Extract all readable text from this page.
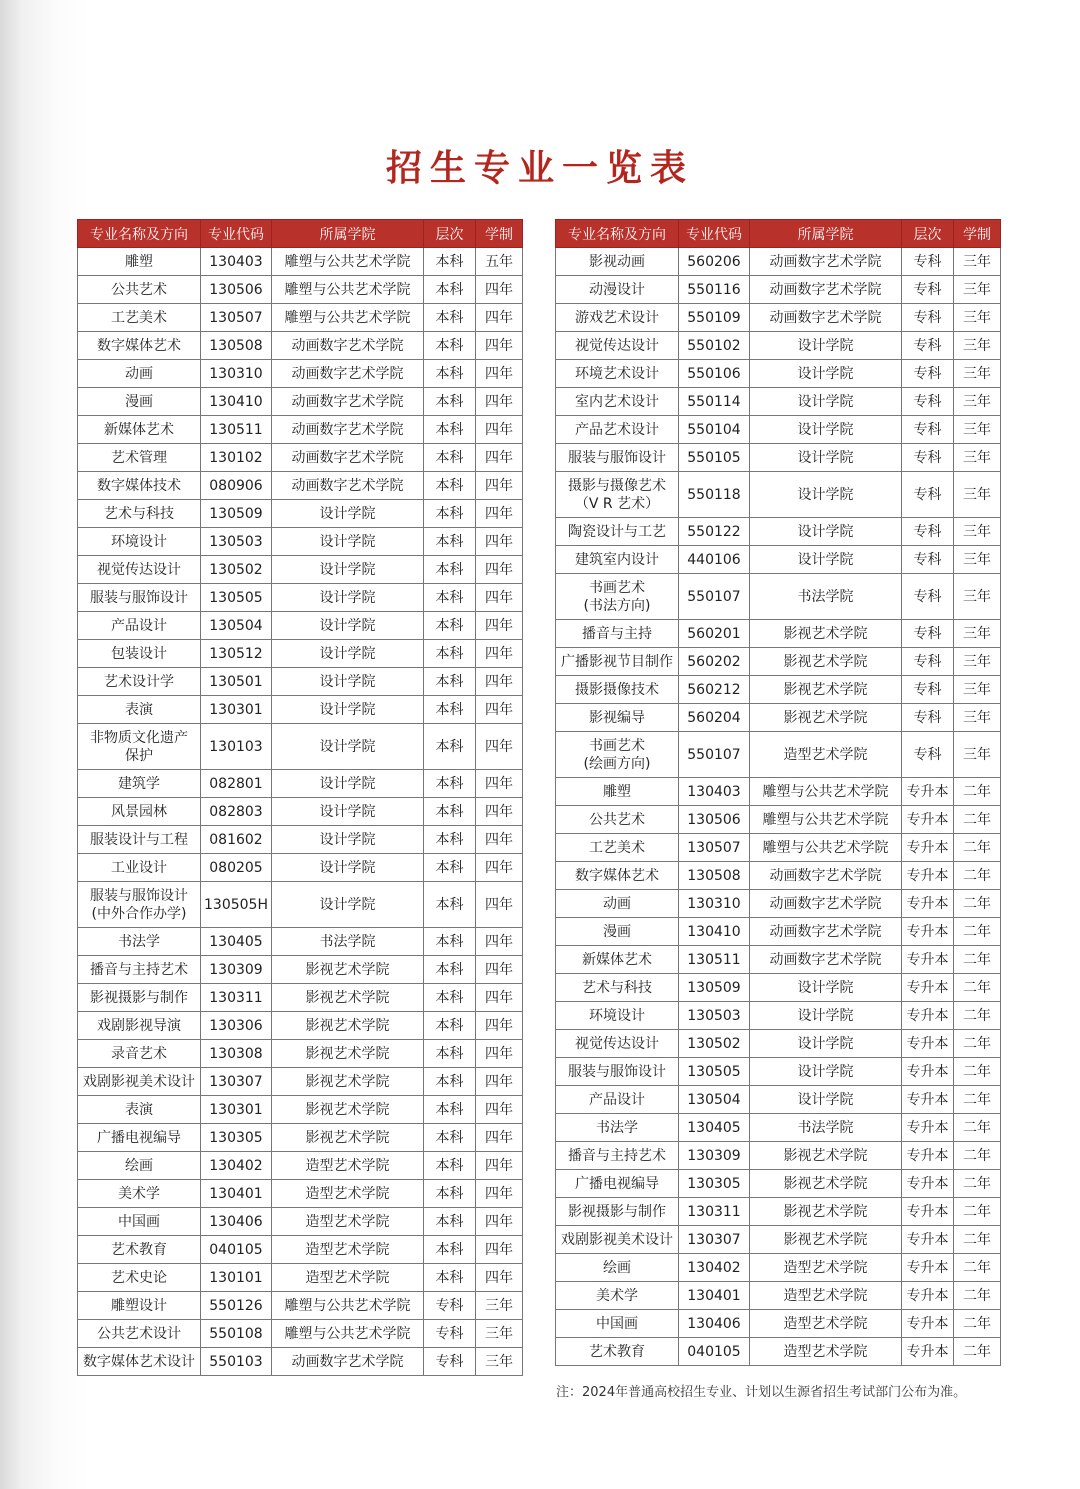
招生专业一览表
专业名称及方向	专业代码	所属学院	层次	学制
雕塑	130403	雕塑与公共艺术学院	本科	五年
公共艺术	130506	雕塑与公共艺术学院	本科	四年
工艺美术	130507	雕塑与公共艺术学院	本科	四年
数字媒体艺术	130508	动画数字艺术学院	本科	四年
动画	130310	动画数字艺术学院	本科	四年
漫画	130410	动画数字艺术学院	本科	四年
新媒体艺术	130511	动画数字艺术学院	本科	四年
艺术管理	130102	动画数字艺术学院	本科	四年
数字媒体技术	080906	动画数字艺术学院	本科	四年
艺术与科技	130509	设计学院	本科	四年
环境设计	130503	设计学院	本科	四年
视觉传达设计	130502	设计学院	本科	四年
服装与服饰设计	130505	设计学院	本科	四年
产品设计	130504	设计学院	本科	四年
包装设计	130512	设计学院	本科	四年
艺术设计学	130501	设计学院	本科	四年
表演	130301	设计学院	本科	四年
非物质文化遗产
保护	130103	设计学院	本科	四年
建筑学	082801	设计学院	本科	四年
风景园林	082803	设计学院	本科	四年
服装设计与工程	081602	设计学院	本科	四年
工业设计	080205	设计学院	本科	四年
服装与服饰设计
(中外合作办学)	130505H	设计学院	本科	四年
书法学	130405	书法学院	本科	四年
播音与主持艺术	130309	影视艺术学院	本科	四年
影视摄影与制作	130311	影视艺术学院	本科	四年
戏剧影视导演	130306	影视艺术学院	本科	四年
录音艺术	130308	影视艺术学院	本科	四年
戏剧影视美术设计	130307	影视艺术学院	本科	四年
表演	130301	影视艺术学院	本科	四年
广播电视编导	130305	影视艺术学院	本科	四年
绘画	130402	造型艺术学院	本科	四年
美术学	130401	造型艺术学院	本科	四年
中国画	130406	造型艺术学院	本科	四年
艺术教育	040105	造型艺术学院	本科	四年
艺术史论	130101	造型艺术学院	本科	四年
雕塑设计	550126	雕塑与公共艺术学院	专科	三年
公共艺术设计	550108	雕塑与公共艺术学院	专科	三年
数字媒体艺术设计	550103	动画数字艺术学院	专科	三年
专业名称及方向	专业代码	所属学院	层次	学制
影视动画	560206	动画数字艺术学院	专科	三年
动漫设计	550116	动画数字艺术学院	专科	三年
游戏艺术设计	550109	动画数字艺术学院	专科	三年
视觉传达设计	550102	设计学院	专科	三年
环境艺术设计	550106	设计学院	专科	三年
室内艺术设计	550114	设计学院	专科	三年
产品艺术设计	550104	设计学院	专科	三年
服装与服饰设计	550105	设计学院	专科	三年
摄影与摄像艺术
（V R 艺术）	550118	设计学院	专科	三年
陶瓷设计与工艺	550122	设计学院	专科	三年
建筑室内设计	440106	设计学院	专科	三年
书画艺术
(书法方向)	550107	书法学院	专科	三年
播音与主持	560201	影视艺术学院	专科	三年
广播影视节目制作	560202	影视艺术学院	专科	三年
摄影摄像技术	560212	影视艺术学院	专科	三年
影视编导	560204	影视艺术学院	专科	三年
书画艺术
(绘画方向)	550107	造型艺术学院	专科	三年
雕塑	130403	雕塑与公共艺术学院	专升本	二年
公共艺术	130506	雕塑与公共艺术学院	专升本	二年
工艺美术	130507	雕塑与公共艺术学院	专升本	二年
数字媒体艺术	130508	动画数字艺术学院	专升本	二年
动画	130310	动画数字艺术学院	专升本	二年
漫画	130410	动画数字艺术学院	专升本	二年
新媒体艺术	130511	动画数字艺术学院	专升本	二年
艺术与科技	130509	设计学院	专升本	二年
环境设计	130503	设计学院	专升本	二年
视觉传达设计	130502	设计学院	专升本	二年
服装与服饰设计	130505	设计学院	专升本	二年
产品设计	130504	设计学院	专升本	二年
书法学	130405	书法学院	专升本	二年
播音与主持艺术	130309	影视艺术学院	专升本	二年
广播电视编导	130305	影视艺术学院	专升本	二年
影视摄影与制作	130311	影视艺术学院	专升本	二年
戏剧影视美术设计	130307	影视艺术学院	专升本	二年
绘画	130402	造型艺术学院	专升本	二年
美术学	130401	造型艺术学院	专升本	二年
中国画	130406	造型艺术学院	专升本	二年
艺术教育	040105	造型艺术学院	专升本	二年
注：2024年普通高校招生专业、计划以生源省招生考试部门公布为准。
